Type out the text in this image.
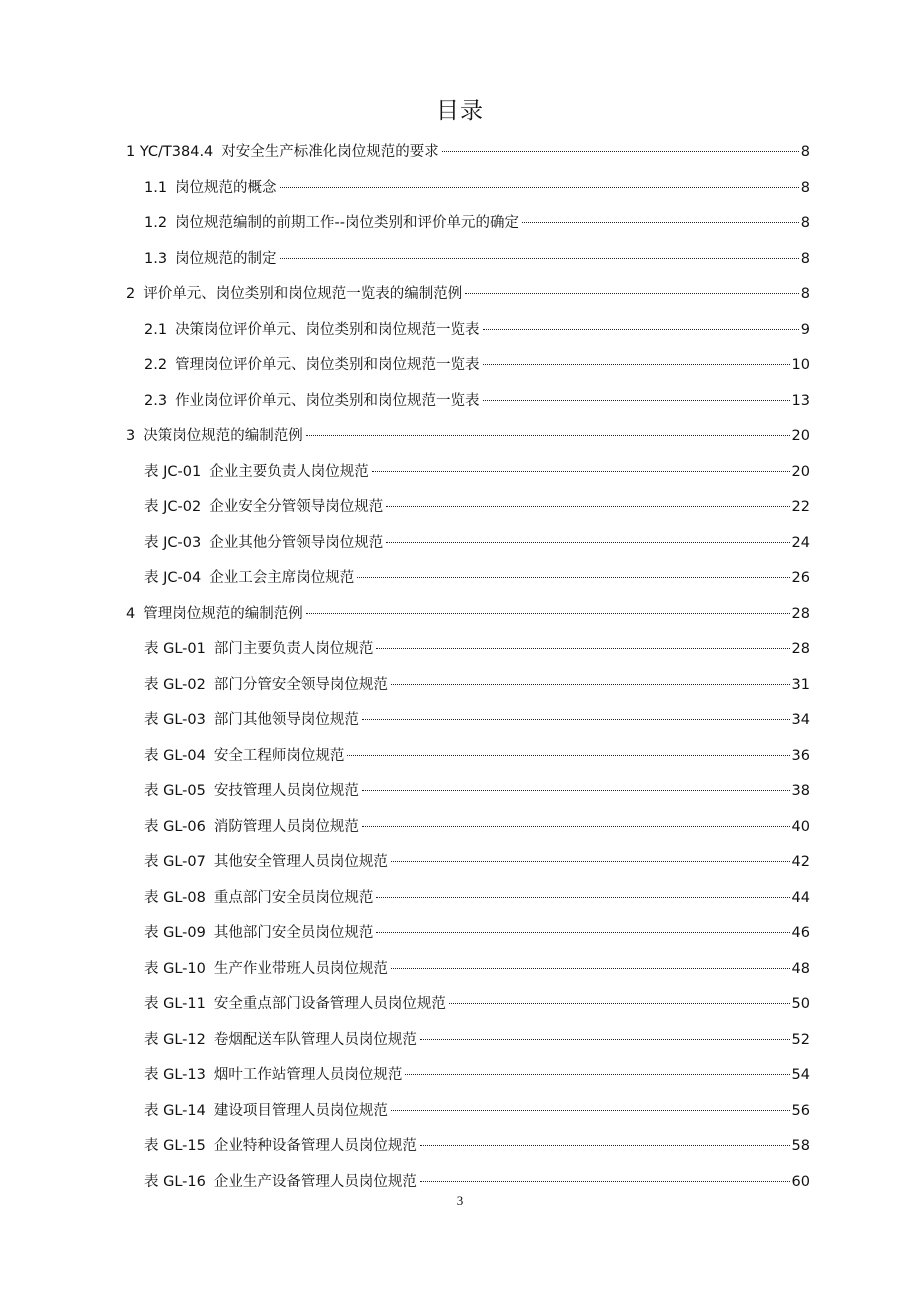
目录
1 YC/T384.4 对安全生产标准化岗位规范的要求	8
1.1 岗位规范的概念	8
1.2 岗位规范编制的前期工作--岗位类别和评价单元的确定	8
1.3 岗位规范的制定	8
2 评价单元、岗位类别和岗位规范一览表的编制范例	8
2.1 决策岗位评价单元、岗位类别和岗位规范一览表	9
2.2 管理岗位评价单元、岗位类别和岗位规范一览表	10
2.3 作业岗位评价单元、岗位类别和岗位规范一览表	13
3 决策岗位规范的编制范例	20
表 JC-01 企业主要负责人岗位规范	20
表 JC-02 企业安全分管领导岗位规范	22
表 JC-03 企业其他分管领导岗位规范	24
表 JC-04 企业工会主席岗位规范	26
4 管理岗位规范的编制范例	28
表 GL-01 部门主要负责人岗位规范	28
表 GL-02 部门分管安全领导岗位规范	31
表 GL-03 部门其他领导岗位规范	34
表 GL-04 安全工程师岗位规范	36
表 GL-05 安技管理人员岗位规范	38
表 GL-06 消防管理人员岗位规范	40
表 GL-07 其他安全管理人员岗位规范	42
表 GL-08 重点部门安全员岗位规范	44
表 GL-09 其他部门安全员岗位规范	46
表 GL-10 生产作业带班人员岗位规范	48
表 GL-11 安全重点部门设备管理人员岗位规范	50
表 GL-12 卷烟配送车队管理人员岗位规范	52
表 GL-13 烟叶工作站管理人员岗位规范	54
表 GL-14 建设项目管理人员岗位规范	56
表 GL-15 企业特种设备管理人员岗位规范	58
表 GL-16 企业生产设备管理人员岗位规范	60
3
